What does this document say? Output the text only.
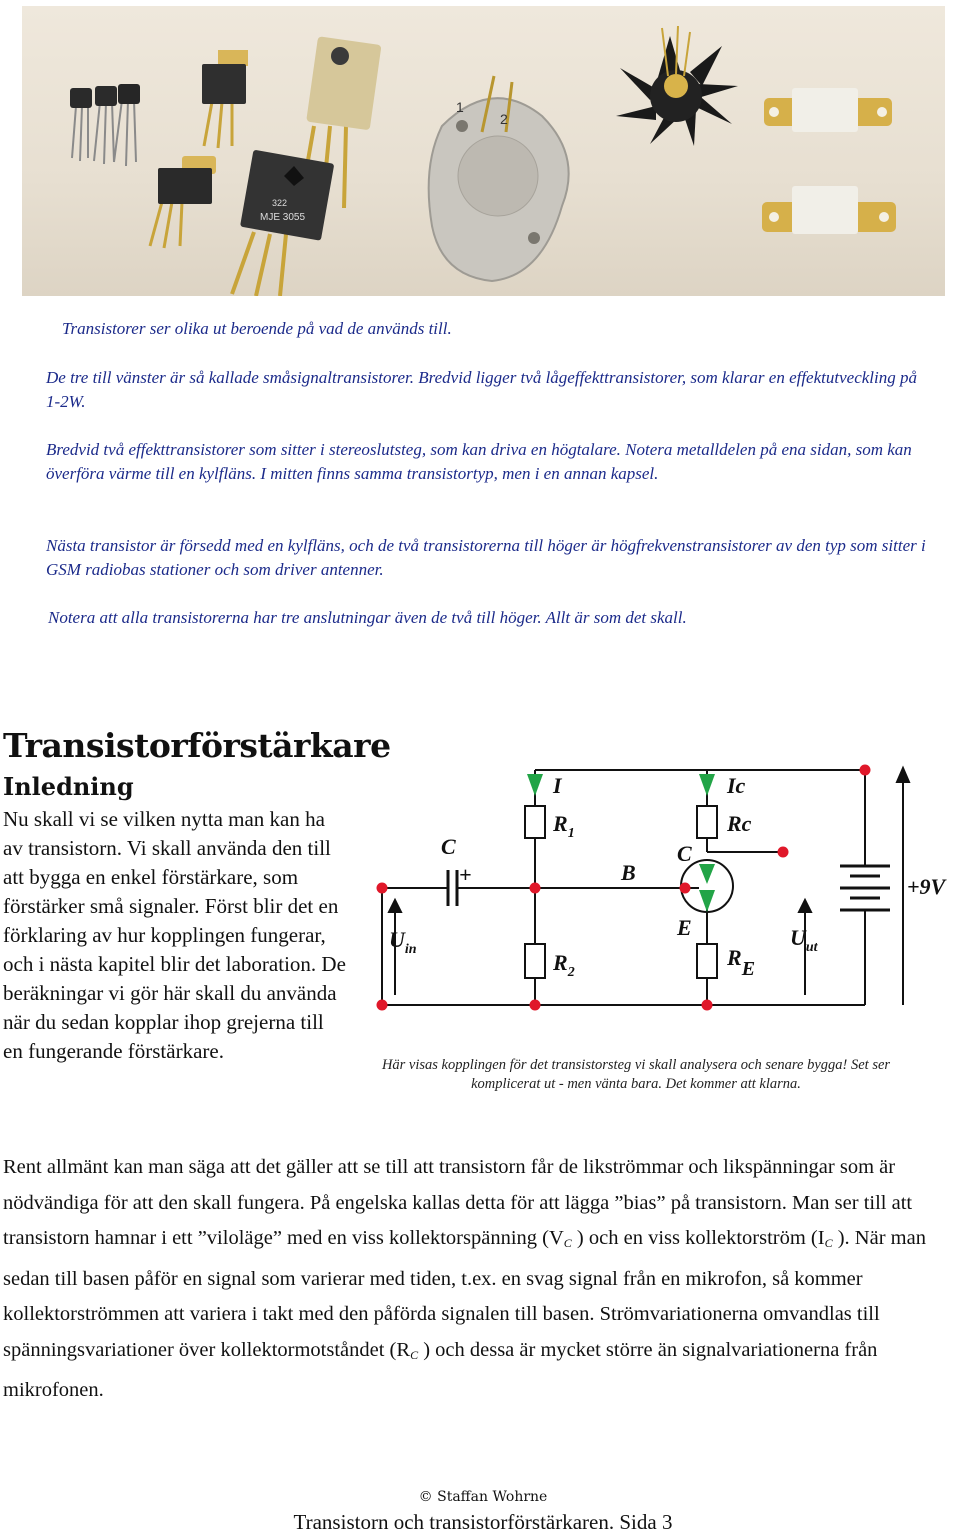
322
MJE 3055
1
2

Transistorer ser olika ut beroende på vad de används till.

De tre till vänster är så kallade småsignaltransistorer. Bredvid ligger två lågeffekttransistorer, som klarar en effektutveckling på 1-2W.

Bredvid två effekttransistorer som sitter i stereoslutsteg, som kan driva en högtalare. Notera metalldelen på ena sidan, som kan överföra värme till en kylfläns. I mitten finns samma transistortyp, men i en annan kapsel.

Nästa transistor är försedd med en kylfläns, och de två transistorerna till höger är högfrekvenstransistorer av den typ som sitter i GSM radiobas stationer och som driver antenner.

Notera att alla transistorerna har tre anslutningar även de två till höger. Allt är som det skall.

Transistorförstärkare
Inledning

Nu skall vi se vilken nytta man kan ha av transistorn. Vi skall använda den till att bygga en enkel förstärkare, som förstärker små signaler. Först blir det en förklaring av hur kopplingen fungerar, och i nästa kapitel blir det laboration. De beräkningar vi gör här skall du använda när du sedan kopplar ihop grejerna till en fungerande förstärkare.

I	Ic
$R_1$	Rc
C
+	B
C
E
$R_2$
RE
$U_{in}$	$U_{ut}$
+9V

Här visas kopplingen för det transistorsteg vi skall analysera och senare bygga! Set ser komplicerat ut - men vänta bara. Det kommer att klarna.

Rent allmänt kan man säga att det gäller att se till att transistorn får de likströmmar och likspänningar som är nödvändiga för att den skall fungera. På engelska kallas detta för att lägga ”bias” på transistorn. Man ser till att transistorn hamnar i ett ”viloläge” med en viss kollektorspänning ($V_C$ ) och en viss kollektorström ($I_C$ ). När man sedan till basen påför en signal som varierar med tiden, t.ex. en svag signal från en mikrofon, så kommer kollektorströmmen att variera i takt med den påförda signalen till basen. Strömvariationerna omvandlas till spänningsvariationer över kollektormotståndet ($R_C$ ) och dessa är mycket större än signalvariationerna från mikrofonen.

© Staffan Wohrne

Transistorn och transistorförstärkaren. Sida 3
